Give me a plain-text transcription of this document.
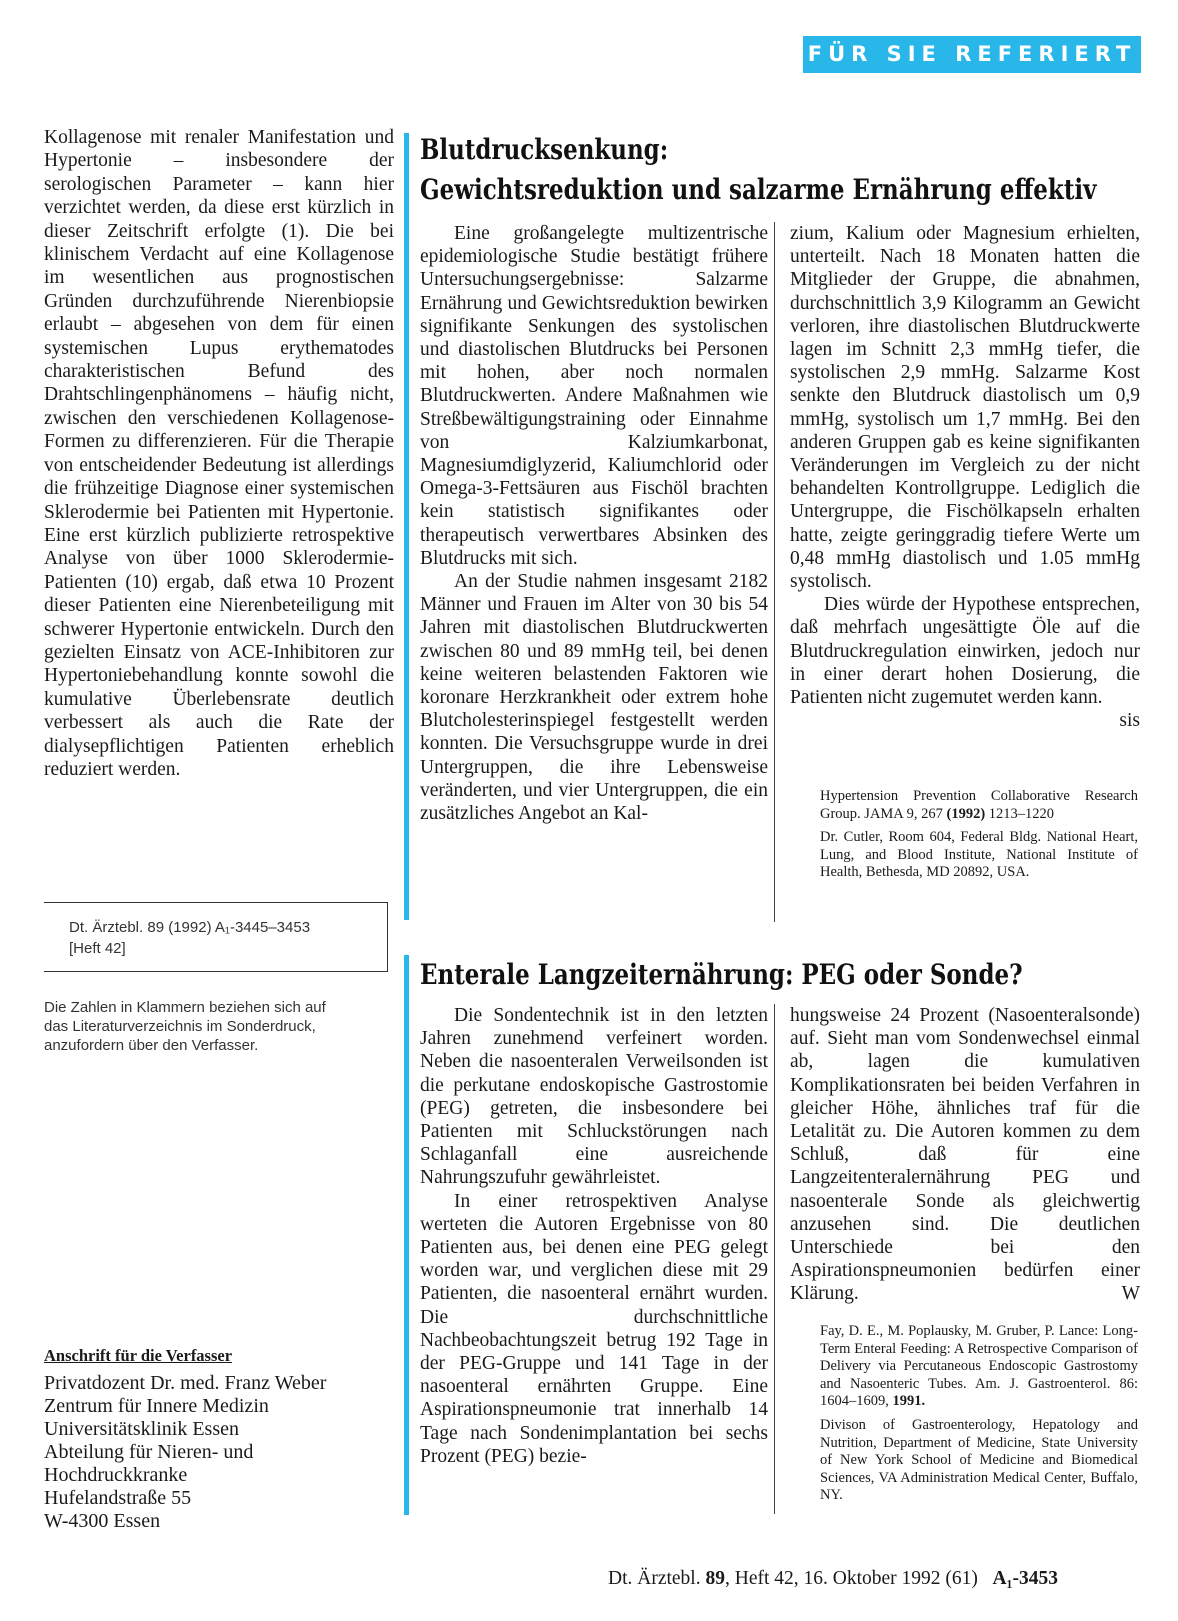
FÜR SIE REFERIERT

Kollagenose mit renaler Manifestation und Hypertonie – insbesondere der serologischen Parameter – kann hier verzichtet werden, da diese erst kürzlich in dieser Zeitschrift erfolgte (1). Die bei klinischem Verdacht auf eine Kollagenose im wesentlichen aus prognostischen Gründen durchzuführende Nierenbiopsie erlaubt – abgesehen von dem für einen systemischen Lupus erythematodes charakteristischen Befund des Drahtschlingenphänomens – häufig nicht, zwischen den verschiedenen Kollagenose-Formen zu differenzieren. Für die Therapie von entscheidender Bedeutung ist allerdings die frühzeitige Diagnose einer systemischen Sklerodermie bei Patienten mit Hypertonie. Eine erst kürzlich publizierte retrospektive Analyse von über 1000 Sklerodermie-Patienten (10) ergab, daß etwa 10 Prozent dieser Patienten eine Nierenbeteiligung mit schwerer Hypertonie entwickeln. Durch den gezielten Einsatz von ACE-Inhibitoren zur Hypertoniebehandlung konnte sowohl die kumulative Überlebensrate deutlich verbessert als auch die Rate der dialysepflichtigen Patienten erheblich reduziert werden.

Dt. Ärztebl. 89 (1992) A₁-3445–3453
[Heft 42]
Die Zahlen in Klammern beziehen sich auf
das Literaturverzeichnis im Sonderdruck,
anzufordern über den Verfasser.
Anschrift für die Verfasser
Privatdozent Dr. med. Franz Weber
Zentrum für Innere Medizin
Universitätsklinik Essen
Abteilung für Nieren- und
Hochdruckkranke
Hufelandstraße 55
W-4300 Essen
Blutdrucksenkung:
Gewichtsreduktion und salzarme Ernährung effektiv

Eine großangelegte multizentrische epidemiologische Studie bestätigt frühere Untersuchungsergebnisse: Salzarme Ernährung und Gewichtsreduktion bewirken signifikante Senkungen des systolischen und diastolischen Blutdrucks bei Personen mit hohen, aber noch normalen Blutdruckwerten. Andere Maßnahmen wie Streßbewältigungstraining oder Einnahme von Kalziumkarbonat, Magnesiumdiglyzerid, Kaliumchlorid oder Omega-3-Fettsäuren aus Fischöl brachten kein statistisch signifikantes oder therapeutisch verwertbares Absinken des Blutdrucks mit sich.

An der Studie nahmen insgesamt 2182 Männer und Frauen im Alter von 30 bis 54 Jahren mit diastolischen Blutdruckwerten zwischen 80 und 89 mmHg teil, bei denen keine weiteren belastenden Faktoren wie koronare Herzkrankheit oder extrem hohe Blutcholesterinspiegel festgestellt werden konnten. Die Versuchsgruppe wurde in drei Untergruppen, die ihre Lebensweise veränderten, und vier Untergruppen, die ein zusätzliches Angebot an Kal-

zium, Kalium oder Magnesium erhielten, unterteilt. Nach 18 Monaten hatten die Mitglieder der Gruppe, die abnahmen, durchschnittlich 3,9 Kilogramm an Gewicht verloren, ihre diastolischen Blutdruckwerte lagen im Schnitt 2,3 mmHg tiefer, die systolischen 2,9 mmHg. Salzarme Kost senkte den Blutdruck diastolisch um 0,9 mmHg, systolisch um 1,7 mmHg. Bei den anderen Gruppen gab es keine signifikanten Veränderungen im Vergleich zu der nicht behandelten Kontrollgruppe. Lediglich die Untergruppe, die Fischölkapseln erhalten hatte, zeigte geringgradig tiefere Werte um 0,48 mmHg diastolisch und 1.05 mmHg systolisch.

Dies würde der Hypothese entsprechen, daß mehrfach ungesättigte Öle auf die Blutdruckregulation einwirken, jedoch nur in einer derart hohen Dosierung, die Patienten nicht zugemutet werden kann.
sis

Hypertension Prevention Collaborative Research Group. JAMA 9, 267 (1992) 1213–1220

Dr. Cutler, Room 604, Federal Bldg. National Heart, Lung, and Blood Institute, National Institute of Health, Bethesda, MD 20892, USA.

Enterale Langzeiternährung: PEG oder Sonde?

Die Sondentechnik ist in den letzten Jahren zunehmend verfeinert worden. Neben die nasoenteralen Verweilsonden ist die perkutane endoskopische Gastrostomie (PEG) getreten, die insbesondere bei Patienten mit Schluckstörungen nach Schlaganfall eine ausreichende Nahrungszufuhr gewährleistet.

In einer retrospektiven Analyse werteten die Autoren Ergebnisse von 80 Patienten aus, bei denen eine PEG gelegt worden war, und verglichen diese mit 29 Patienten, die nasoenteral ernährt wurden. Die durchschnittliche Nachbeobachtungszeit betrug 192 Tage in der PEG-Gruppe und 141 Tage in der nasoenteral ernährten Gruppe. Eine Aspirationspneumonie trat innerhalb 14 Tage nach Sondenimplantation bei sechs Prozent (PEG) bezie-

hungsweise 24 Prozent (Nasoenteralsonde) auf. Sieht man vom Sondenwechsel einmal ab, lagen die kumulativen Komplikationsraten bei beiden Verfahren in gleicher Höhe, ähnliches traf für die Letalität zu. Die Autoren kommen zu dem Schluß, daß für eine Langzeitenteralernährung PEG und nasoenterale Sonde als gleichwertig anzusehen sind. Die deutlichen Unterschiede bei den Aspirationspneumonien bedürfen einer Klärung.	W

Fay, D. E., M. Poplausky, M. Gruber, P. Lance: Long-Term Enteral Feeding: A Retrospective Comparison of Delivery via Percutaneous Endoscopic Gastrostomy and Nasoenteric Tubes. Am. J. Gastroenterol. 86: 1604–1609, 1991.

Divison of Gastroenterology, Hepatology and Nutrition, Department of Medicine, State University of New York School of Medicine and Biomedical Sciences, VA Administration Medical Center, Buffalo, NY.

Dt. Ärztebl. 89, Heft 42, 16. Oktober 1992 (61) A₁-3453
